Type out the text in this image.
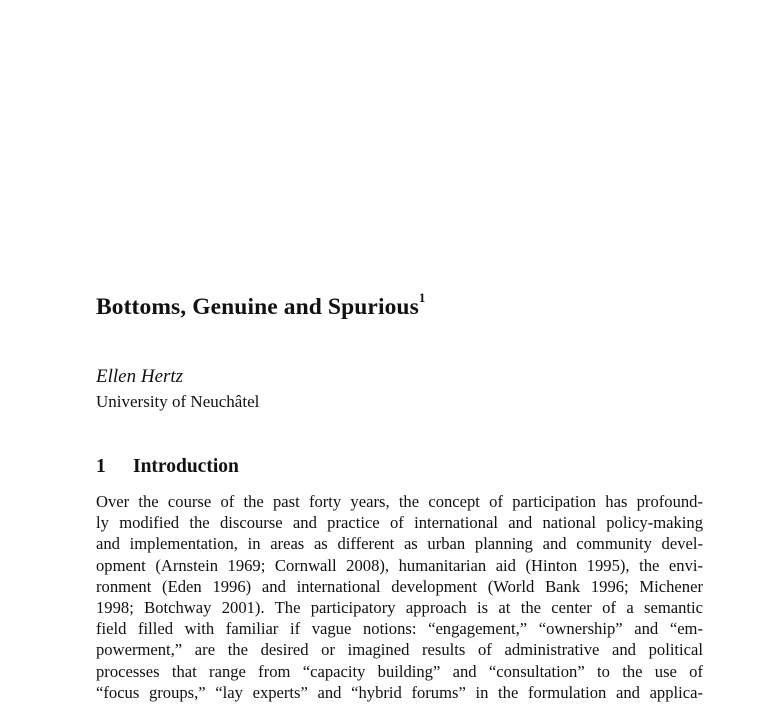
Bottoms, Genuine and Spurious$^1$
Ellen Hertz
University of Neuchâtel
1 Introduction
Over the course of the past forty years, the concept of participation has profound-
ly modified the discourse and practice of international and national policy-making
and implementation, in areas as different as urban planning and community devel-
opment (Arnstein 1969; Cornwall 2008), humanitarian aid (Hinton 1995), the envi-
ronment (Eden 1996) and international development (World Bank 1996; Michener
1998; Botchway 2001). The participatory approach is at the center of a semantic
field filled with familiar if vague notions: “engagement,” “ownership” and “em-
powerment,” are the desired or imagined results of administrative and political
processes that range from “capacity building” and “consultation” to the use of
“focus groups,” “lay experts” and “hybrid forums” in the formulation and applica-
